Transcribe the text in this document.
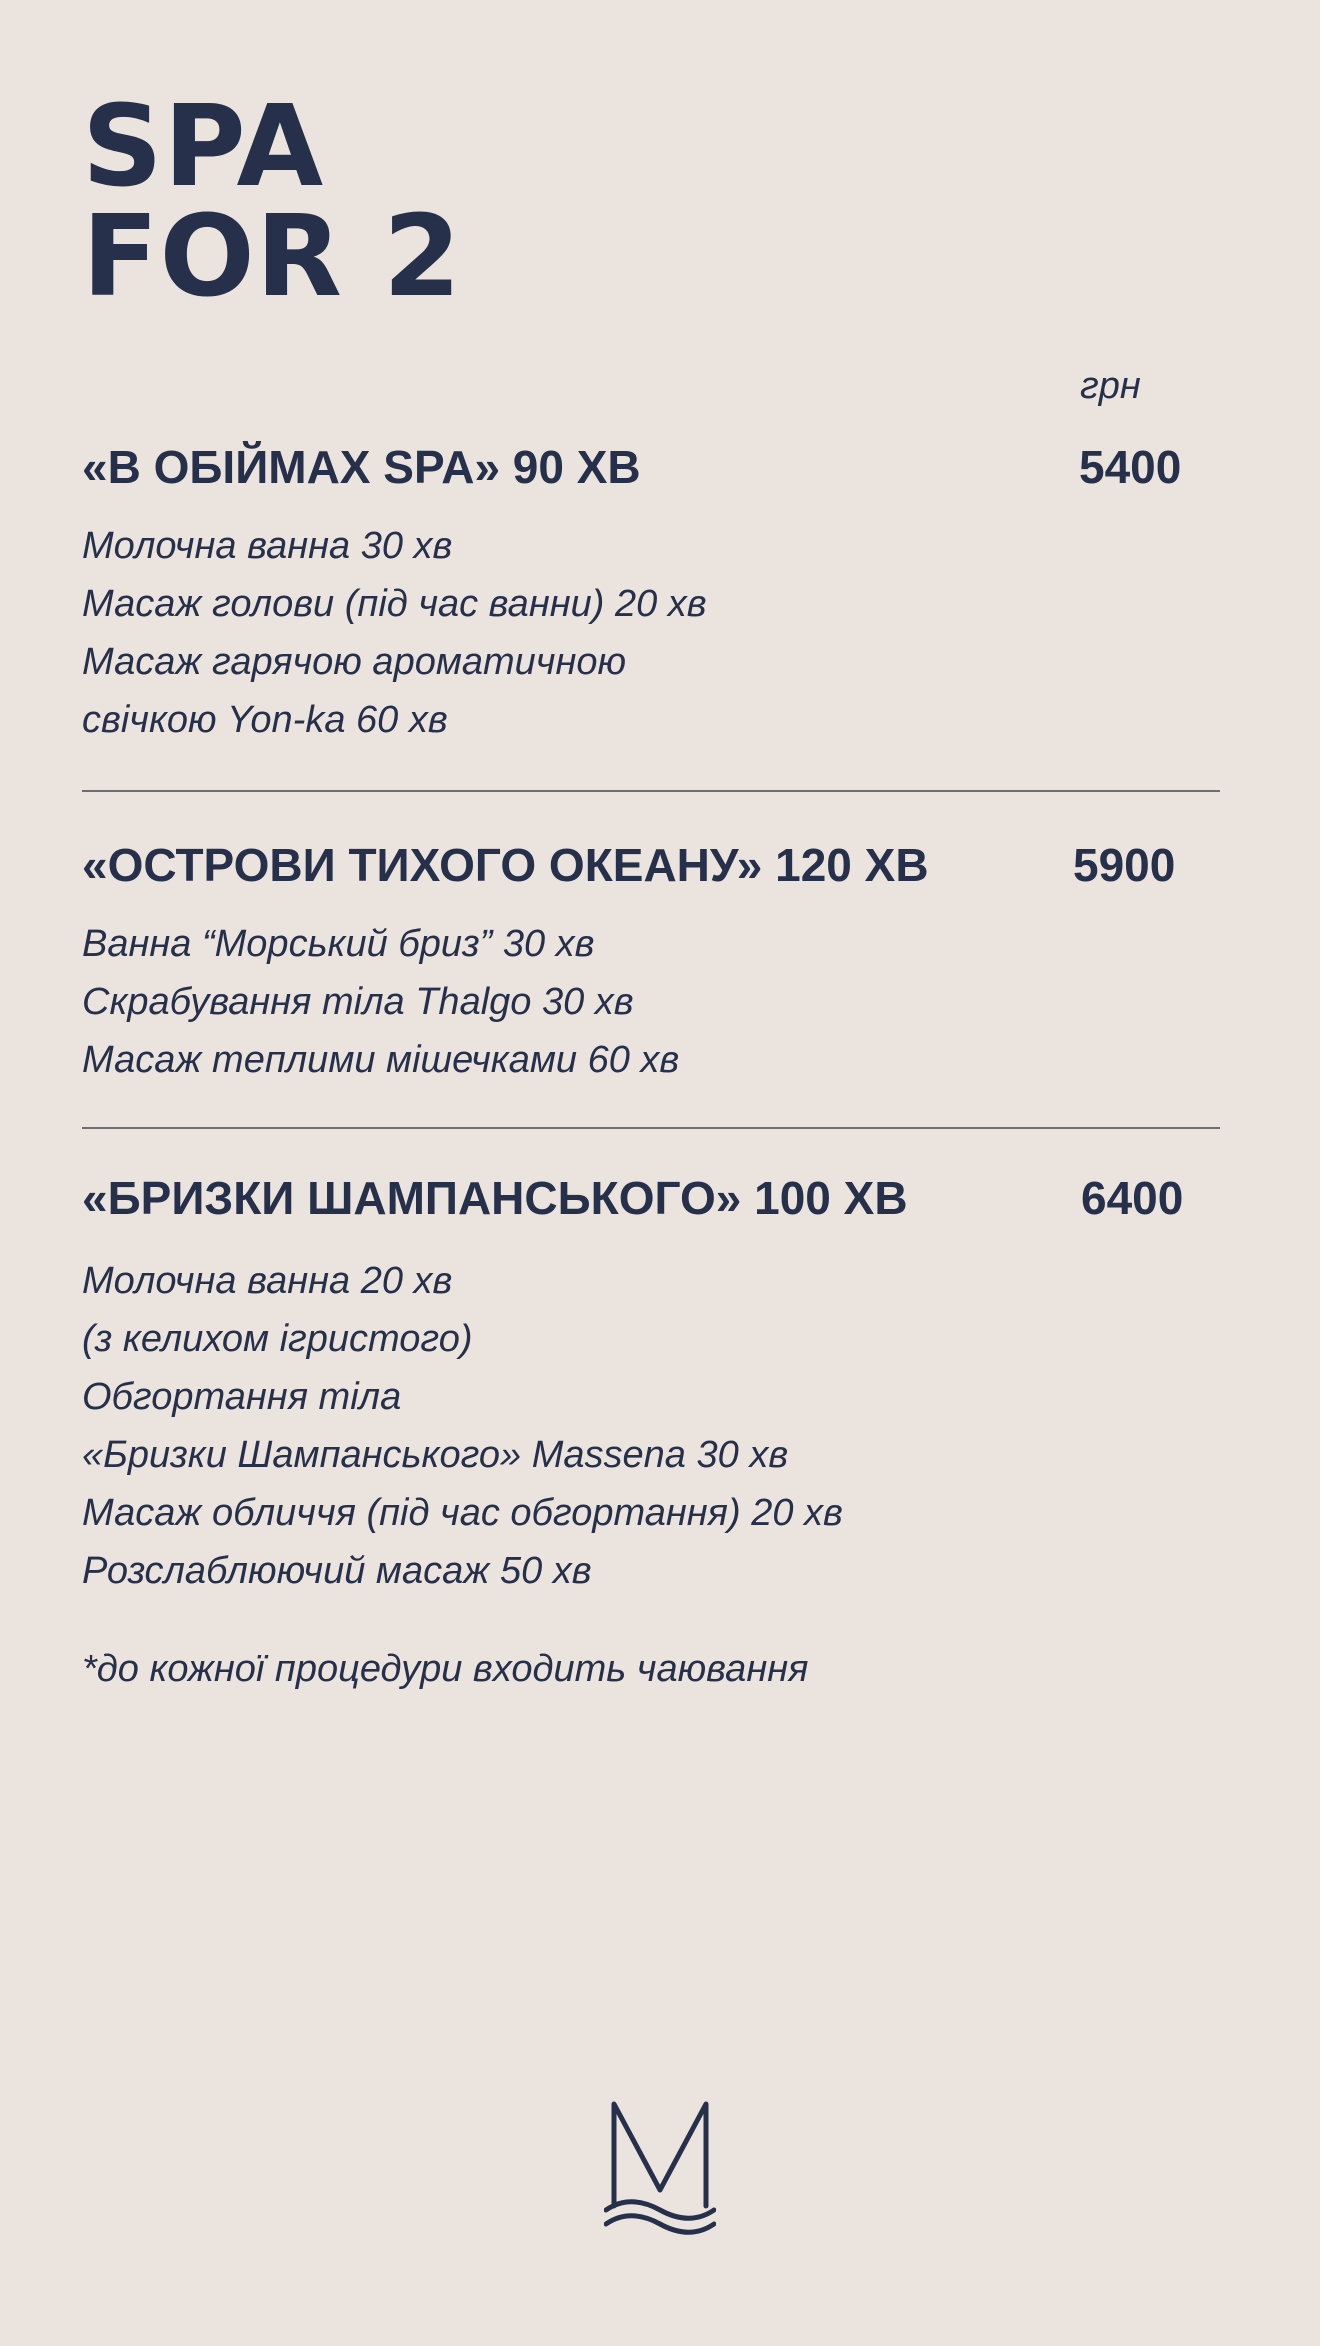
SPA
FOR 2
грн
«В ОБІЙМАХ SPA» 90 ХВ	5400
Молочна ванна 30 хв
Масаж голови (під час ванни) 20 хв
Масаж гарячою ароматичною
свічкою Yon-ka 60 хв
«ОСТРОВИ ТИХОГО ОКЕАНУ» 120 ХВ	5900
Ванна “Морський бриз” 30 хв
Скрабування тіла Thalgo 30 хв
Масаж теплими мішечками 60 хв
«БРИЗКИ ШАМПАНСЬКОГО» 100 ХВ	6400
Молочна ванна 20 хв
(з келихом ігристого)
Обгортання тіла
«Бризки Шампанського» Massena 30 хв
Масаж обличчя (під час обгортання) 20 хв
Розслаблюючий масаж 50 хв
*до кожної процедури входить чаювання
